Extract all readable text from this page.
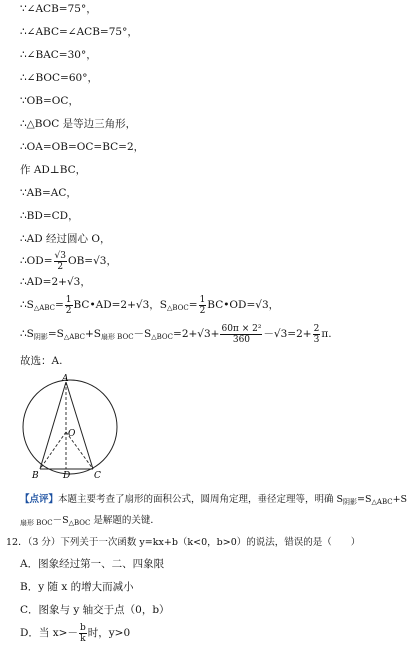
∵∠ACB=75°，
∴∠ABC=∠ACB=75°，
∴∠BAC=30°，
∴∠BOC=60°，
∵OB=OC，
∴△BOC 是等边三角形，
∴OA=OB=OC=BC=2，
作 AD⊥BC，
∵AB=AC，
∴BD=CD，
∴AD 经过圆心 O，
∴OD= $\frac{√3}{2} OB=√3$，
∴AD=2+√3，
$\therefore S_{\triangle ABC}= \frac{1}{2}$ BC•AD=2+√3，$S_{\triangle BOC}= \frac{1}{2}$ BC•OD=√3，
$\therefore S_{阴影}=S_{\triangle ABC}+S_{扇形 BOC}-S_{\triangle BOC}=2+√3+ \frac{\text{60π × 2²}}{360} -√3=2+ \frac{2}{3} \pi$.
故选：A.
A
O
B	D	C
【点评】本题主要考查了扇形的面积公式，圆周角定理，垂径定理等，明确 $S_{阴影}=S_{\triangle ABC}+S$
$_{扇形 BOC}-S_{\triangle BOC}$ 是解题的关键．
12．（3 分）下列关于一次函数 y=kx+b（k<0，b>0）的说法，错误的是（　　）
A．图象经过第一、二、四象限
B．y 随 x 的增大而减小
C．图象与 y 轴交于点（0，b）
D．当 $x>- \frac{b}{k}$ 时，y>0
